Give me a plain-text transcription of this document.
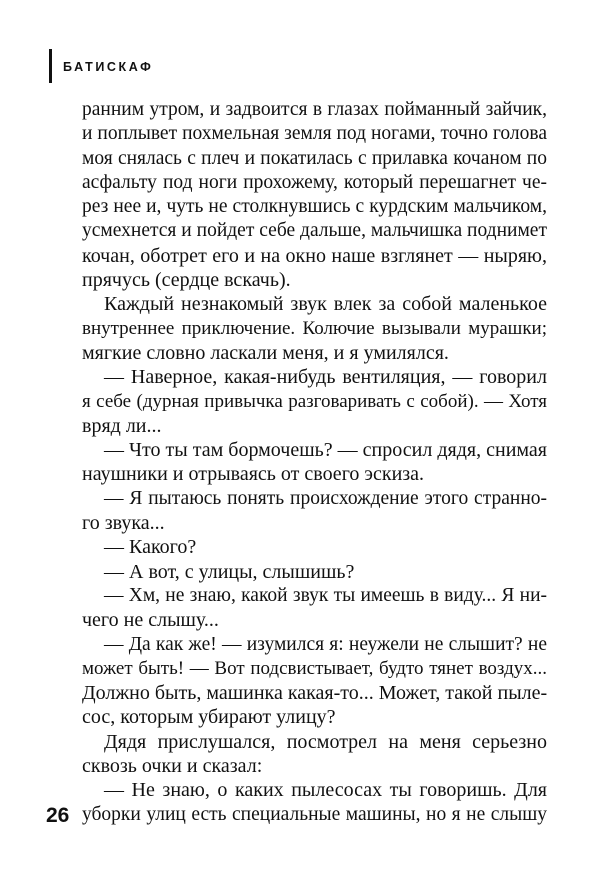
БАТИСКАФ
ранним утром, и задвоится в глазах пойманный зайчик,
и поплывет похмельная земля под ногами, точно голова
моя снялась с плеч и покатилась с прилавка кочаном по
асфальту под ноги прохожему, который перешагнет че-
рез нее и, чуть не столкнувшись с курдским мальчиком,
усмехнется и пойдет себе дальше, мальчишка поднимет
кочан, оботрет его и на окно наше взглянет — ныряю,
прячусь (сердце вскачь).
Каждый незнакомый звук влек за собой маленькое
внутреннее приключение. Колючие вызывали мурашки;
мягкие словно ласкали меня, и я умилялся.
— Наверное, какая-нибудь вентиляция, — говорил
я себе (дурная привычка разговаривать с собой). — Хотя
вряд ли...
— Что ты там бормочешь? — спросил дядя, снимая
наушники и отрываясь от своего эскиза.
— Я пытаюсь понять происхождение этого странно-
го звука...
— Какого?
— А вот, с улицы, слышишь?
— Хм, не знаю, какой звук ты имеешь в виду... Я ни-
чего не слышу...
— Да как же! — изумился я: неужели не слышит? не
может быть! — Вот подсвистывает, будто тянет воздух...
Должно быть, машинка какая-то... Может, такой пыле-
сос, которым убирают улицу?
Дядя прислушался, посмотрел на меня серьезно
сквозь очки и сказал:
— Не знаю, о каких пылесосах ты говоришь. Для
уборки улиц есть специальные машины, но я не слышу
26
